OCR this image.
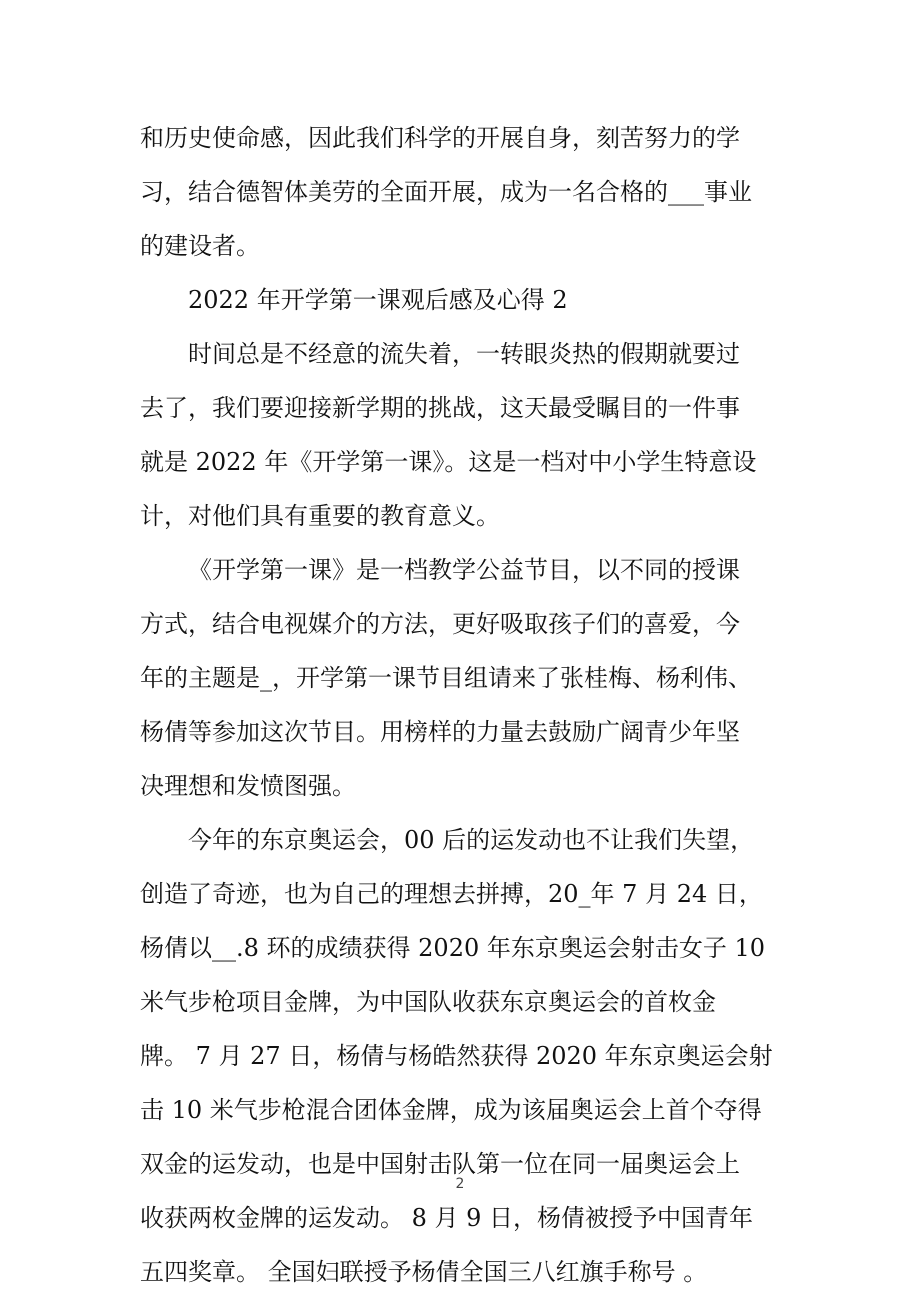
和历史使命感，因此我们科学的开展自身，刻苦努力的学
习，结合德智体美劳的全面开展，成为一名合格的___事业
的建设者。
2022 年开学第一课观后感及心得 2
时间总是不经意的流失着，一转眼炎热的假期就要过
去了，我们要迎接新学期的挑战，这天最受瞩目的一件事
就是 2022 年《开学第一课》。这是一档对中小学生特意设
计，对他们具有重要的教育意义。
《开学第一课》是一档教学公益节目，以不同的授课
方式，结合电视媒介的方法，更好吸取孩子们的喜爱，今
年的主题是_，开学第一课节目组请来了张桂梅、杨利伟、
杨倩等参加这次节目。用榜样的力量去鼓励广阔青少年坚
决理想和发愤图强。
今年的东京奥运会，00 后的运发动也不让我们失望，
创造了奇迹，也为自己的理想去拼搏，20_年 7 月 24 日，
杨倩以__.8 环的成绩获得 2020 年东京奥运会射击女子 10
米气步枪项目金牌，为中国队收获东京奥运会的首枚金
牌。 7 月 27 日，杨倩与杨皓然获得 2020 年东京奥运会射
击 10 米气步枪混合团体金牌，成为该届奥运会上首个夺得
双金的运发动，也是中国射击队第一位在同一届奥运会上
收获两枚金牌的运发动。 8 月 9 日，杨倩被授予中国青年
五四奖章。 全国妇联授予杨倩全国三八红旗手称号 。
2
